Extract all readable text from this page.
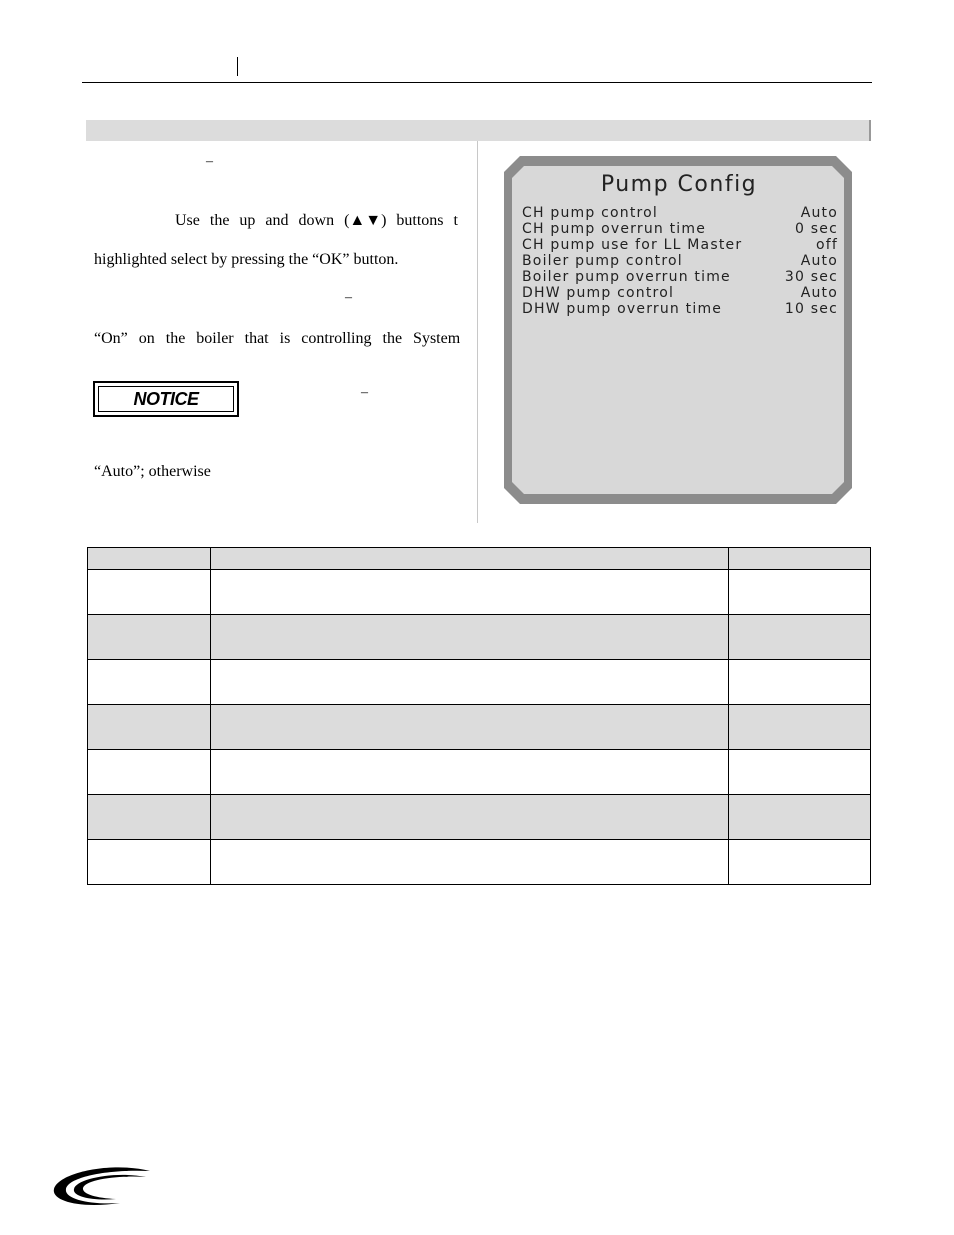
–
Use the up and down (▲▼) buttons t
highlighted select by pressing the “OK” button.
–
“On” on the boiler that is controlling the System
NOTICE	–
“Auto”; otherwise
Pump Config
CH pump control	Auto
CH pump overrun time	0 sec
CH pump use for LL Master	off
Boiler pump control	Auto
Boiler pump overrun time	30 sec
DHW pump control	Auto
DHW pump overrun time	10 sec
